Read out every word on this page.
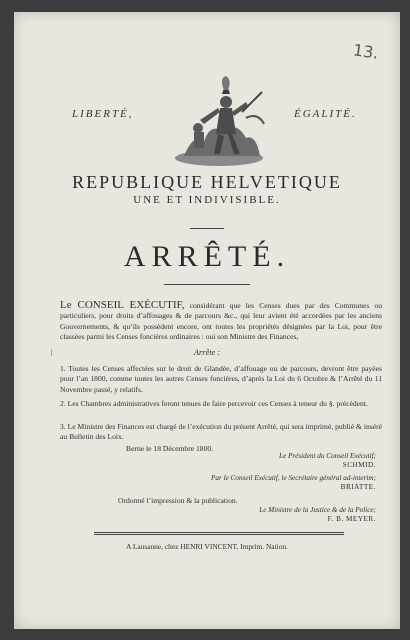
13.
LIBERTÉ,	ÉGALITÉ.
REPUBLIQUE HELVETIQUE
UNE ET INDIVISIBLE.
ARRÊTÉ.
Le CONSEIL EXÉCUTIF, considérant que les Censes dues par des Communes ou particuliers, pour droits d’affouages & de parcours &c., qui leur avient été accordées par les anciens Gouvernements, & qu’ils possèdent encore, ont toutes les propriétés désignées par la Loi, pour être classées parmi les Censes foncières ordinaires : oui son Ministre des Finances,
⁞	Arrête :
1. Toutes les Censes affectées sur le droit de Glandée, d’affouage ou de parcours, devront être payées pour l’an 1800, comme toutes les autres Censes foncières, d’après la Loi du 6 Octobre & l’Arrêté du 11 Novembre passé, y relatifs.
2. Les Chambres administratives feront tenues de faire percevoir ces Censes à teneur du §. précédent.
3. Le Ministre des Finances est chargé de l’exécution du présent Arrêté, qui sera imprimé, publié & inséré au Bulletin des Loix.
Berne le 18 Décembre 1800.
Le Président du Conseil Exécutif;
SCHMID.
Par le Conseil Exécutif, le Secrétaire général ad-interim;
BRIATTE.
Ordonné l’impression & la publication.
Le Ministre de la Justice & de la Police;
F. B. MEYER.
A Lausanne, chez HENRI VINCENT, Imprim. Nation.
